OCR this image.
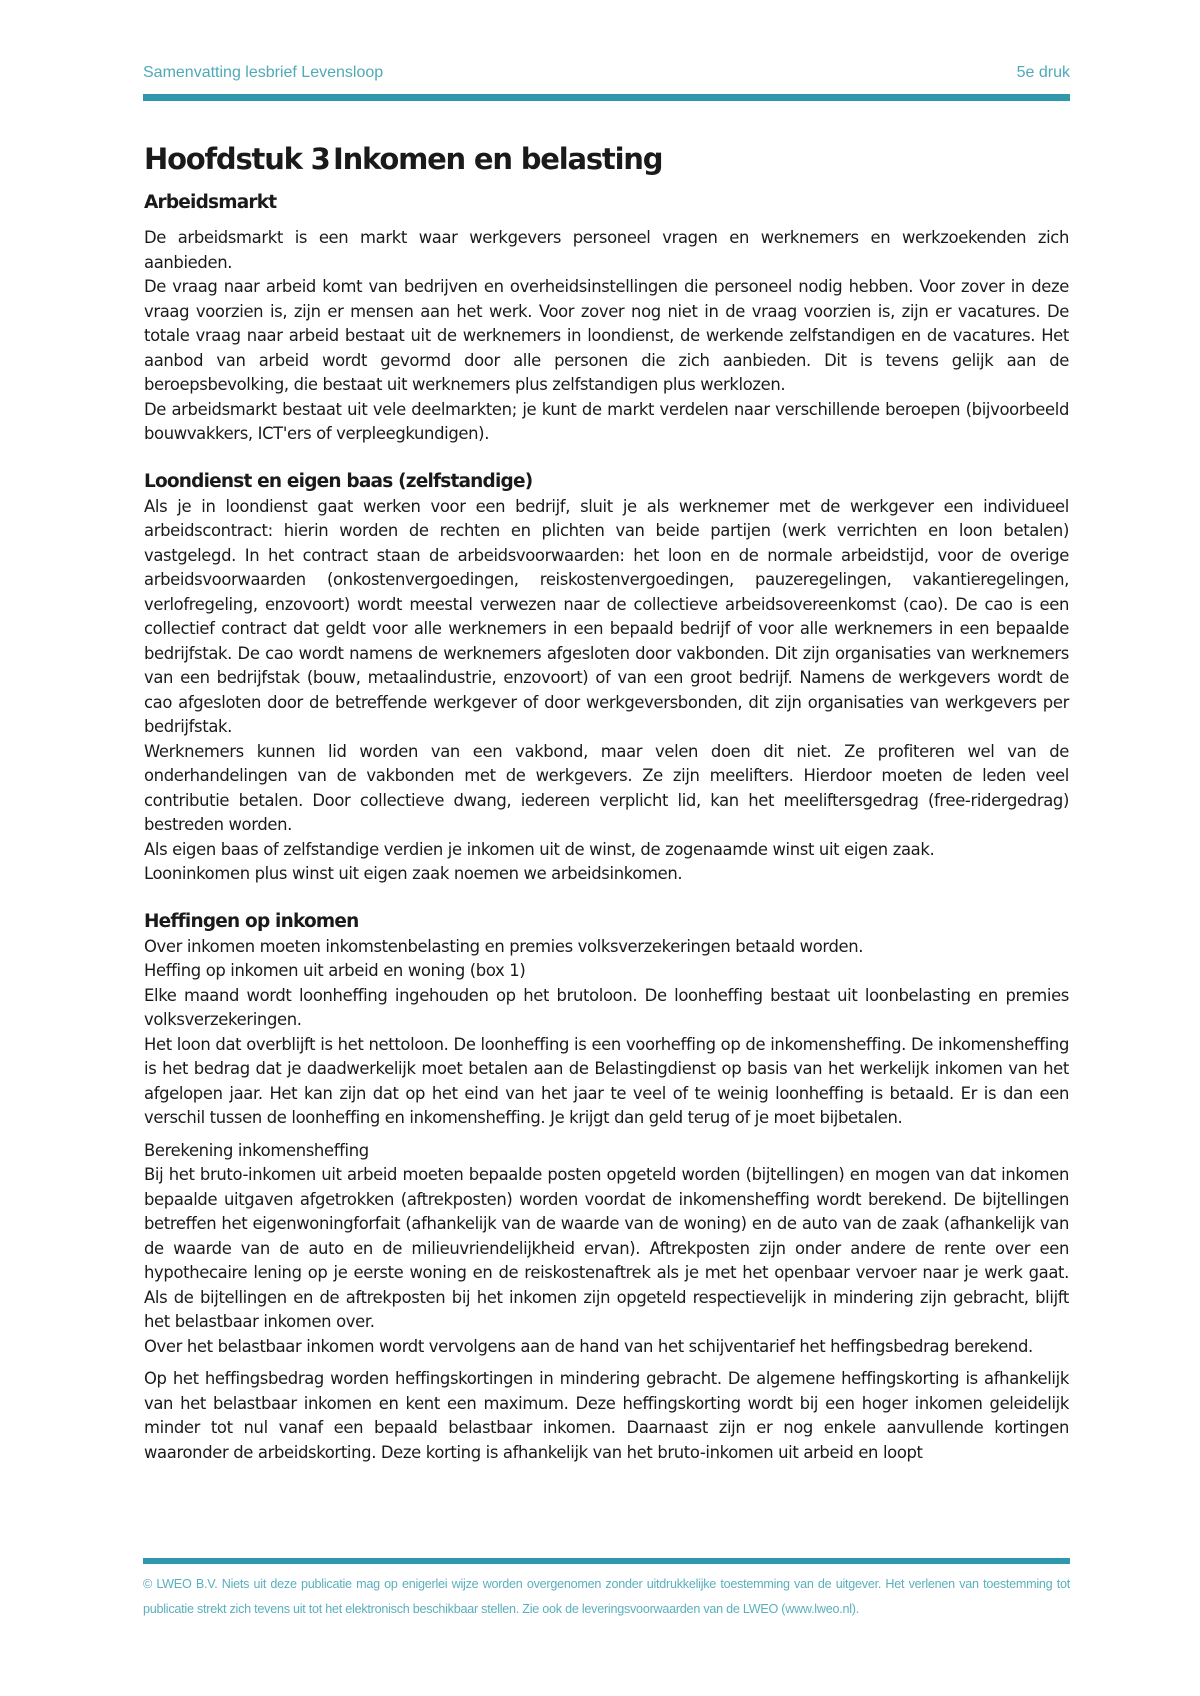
Samenvatting lesbrief Levensloop	5e druk
Hoofdstuk 3 Inkomen en belasting
Arbeidsmarkt

De arbeidsmarkt is een markt waar werkgevers personeel vragen en werknemers en werkzoekenden zich aanbieden.

De vraag naar arbeid komt van bedrijven en overheidsinstellingen die personeel nodig hebben. Voor zover in deze vraag voorzien is, zijn er mensen aan het werk. Voor zover nog niet in de vraag voorzien is, zijn er vacatures. De totale vraag naar arbeid bestaat uit de werknemers in loondienst, de werkende zelfstandigen en de vacatures. Het aanbod van arbeid wordt gevormd door alle personen die zich aanbieden. Dit is tevens gelijk aan de beroepsbevolking, die bestaat uit werknemers plus zelfstandigen plus werklozen.

De arbeidsmarkt bestaat uit vele deelmarkten; je kunt de markt verdelen naar verschillende beroepen (bijvoorbeeld bouwvakkers, ICT'ers of verpleegkundigen).

Loondienst en eigen baas (zelfstandige)

Als je in loondienst gaat werken voor een bedrijf, sluit je als werknemer met de werkgever een individueel arbeidscontract: hierin worden de rechten en plichten van beide partijen (werk verrichten en loon betalen) vastgelegd. In het contract staan de arbeidsvoorwaarden: het loon en de normale arbeidstijd, voor de overige arbeidsvoorwaarden (onkostenvergoedingen, reiskostenvergoedingen, pauzeregelingen, vakantieregelingen, verlofregeling, enzovoort) wordt meestal verwezen naar de collectieve arbeidsovereenkomst (cao). De cao is een collectief contract dat geldt voor alle werknemers in een bepaald bedrijf of voor alle werknemers in een bepaalde bedrijfstak. De cao wordt namens de werknemers afgesloten door vakbonden. Dit zijn organisaties van werknemers van een bedrijfstak (bouw, metaalindustrie, enzovoort) of van een groot bedrijf. Namens de werkgevers wordt de cao afgesloten door de betreffende werkgever of door werkgeversbonden, dit zijn organisaties van werkgevers per bedrijfstak.

Werknemers kunnen lid worden van een vakbond, maar velen doen dit niet. Ze profiteren wel van de onderhandelingen van de vakbonden met de werkgevers. Ze zijn meelifters. Hierdoor moeten de leden veel contributie betalen. Door collectieve dwang, iedereen verplicht lid, kan het meeliftersgedrag (free-ridergedrag) bestreden worden.

Als eigen baas of zelfstandige verdien je inkomen uit de winst, de zogenaamde winst uit eigen zaak.

Looninkomen plus winst uit eigen zaak noemen we arbeidsinkomen.

Heffingen op inkomen

Over inkomen moeten inkomstenbelasting en premies volksverzekeringen betaald worden.

Heffing op inkomen uit arbeid en woning (box 1)

Elke maand wordt loonheffing ingehouden op het brutoloon. De loonheffing bestaat uit loonbelasting en premies volksverzekeringen.

Het loon dat overblijft is het nettoloon. De loonheffing is een voorheffing op de inkomensheffing. De inkomensheffing is het bedrag dat je daadwerkelijk moet betalen aan de Belastingdienst op basis van het werkelijk inkomen van het afgelopen jaar. Het kan zijn dat op het eind van het jaar te veel of te weinig loonheffing is betaald. Er is dan een verschil tussen de loonheffing en inkomensheffing. Je krijgt dan geld terug of je moet bijbetalen.

Berekening inkomensheffing

Bij het bruto-inkomen uit arbeid moeten bepaalde posten opgeteld worden (bijtellingen) en mogen van dat inkomen bepaalde uitgaven afgetrokken (aftrekposten) worden voordat de inkomensheffing wordt berekend. De bijtellingen betreffen het eigenwoningforfait (afhankelijk van de waarde van de woning) en de auto van de zaak (afhankelijk van de waarde van de auto en de milieuvriendelijkheid ervan). Aftrekposten zijn onder andere de rente over een hypothecaire lening op je eerste woning en de reiskostenaftrek als je met het openbaar vervoer naar je werk gaat. Als de bijtellingen en de aftrekposten bij het inkomen zijn opgeteld respectievelijk in mindering zijn gebracht, blijft het belastbaar inkomen over.

Over het belastbaar inkomen wordt vervolgens aan de hand van het schijventarief het heffingsbedrag berekend.

Op het heffingsbedrag worden heffingskortingen in mindering gebracht. De algemene heffingskorting is afhankelijk van het belastbaar inkomen en kent een maximum. Deze heffingskorting wordt bij een hoger inkomen geleidelijk minder tot nul vanaf een bepaald belastbaar inkomen. Daarnaast zijn er nog enkele aanvullende kortingen waaronder de arbeidskorting. Deze korting is afhankelijk van het bruto-inkomen uit arbeid en loopt

© LWEO B.V. Niets uit deze publicatie mag op enigerlei wijze worden overgenomen zonder uitdrukkelijke toestemming van de uitgever. Het verlenen van toestemming tot publicatie strekt zich tevens uit tot het elektronisch beschikbaar stellen. Zie ook de leveringsvoorwaarden van de LWEO (www.lweo.nl).
